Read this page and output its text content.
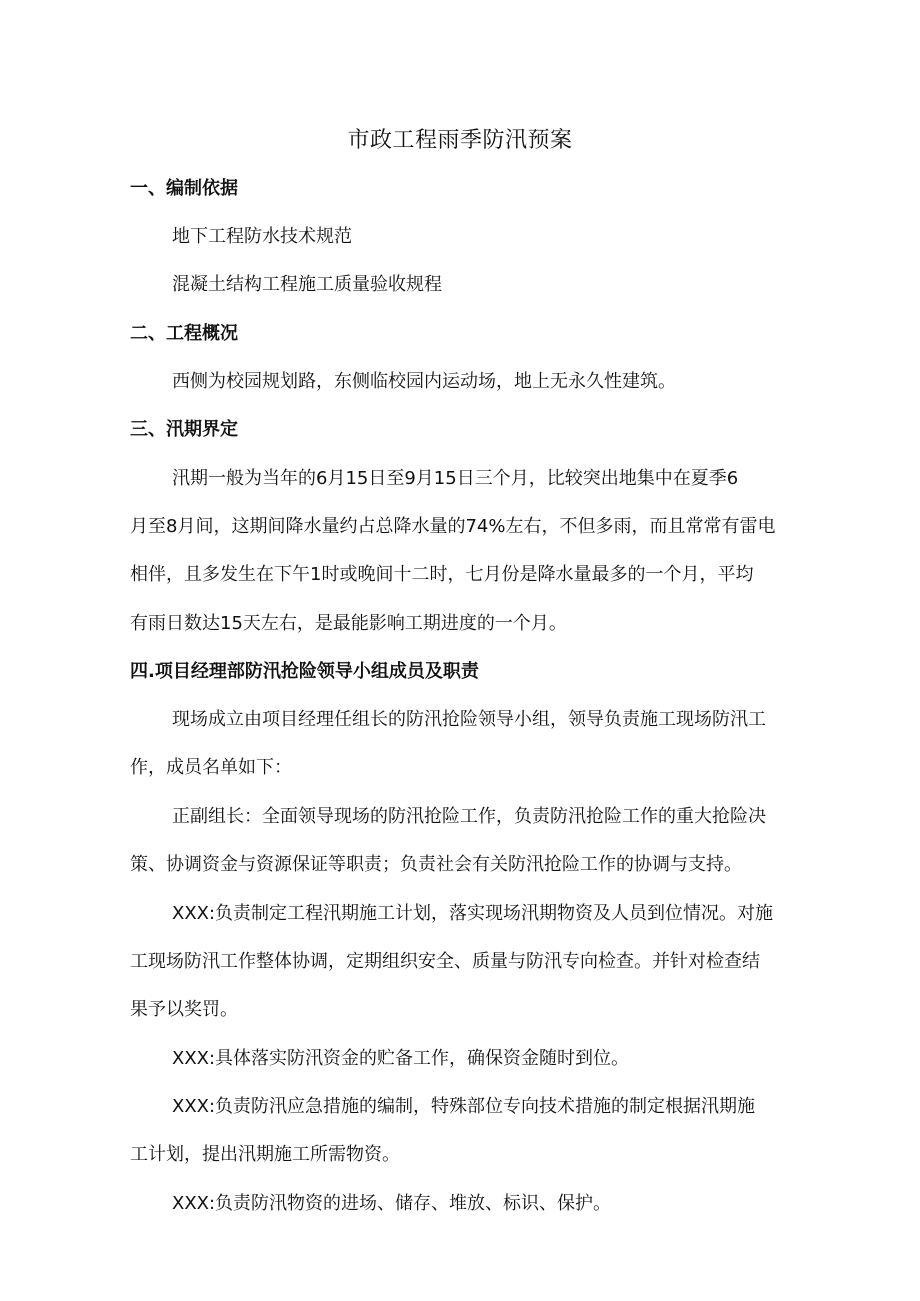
市政工程雨季防汛预案
一、编制依据
地下工程防水技术规范
混凝土结构工程施工质量验收规程
二、工程概况
西侧为校园规划路，东侧临校园内运动场，地上无永久性建筑。
三、汛期界定
汛期一般为当年的6月15日至9月15日三个月，比较突出地集中在夏季6
月至8月间，这期间降水量约占总降水量的74%左右，不但多雨，而且常常有雷电
相伴，且多发生在下午1时或晚间十二时，七月份是降水量最多的一个月，平均
有雨日数达15天左右，是最能影响工期进度的一个月。
四.项目经理部防汛抢险领导小组成员及职责
现场成立由项目经理任组长的防汛抢险领导小组，领导负责施工现场防汛工
作，成员名单如下：
正副组长：全面领导现场的防汛抢险工作，负责防汛抢险工作的重大抢险决
策、协调资金与资源保证等职责；负责社会有关防汛抢险工作的协调与支持。
XXX:负责制定工程汛期施工计划，落实现场汛期物资及人员到位情况。对施
工现场防汛工作整体协调，定期组织安全、质量与防汛专向检查。并针对检查结
果予以奖罚。
XXX:具体落实防汛资金的贮备工作，确保资金随时到位。
XXX:负责防汛应急措施的编制，特殊部位专向技术措施的制定根据汛期施
工计划，提出汛期施工所需物资。
XXX:负责防汛物资的进场、储存、堆放、标识、保护。
